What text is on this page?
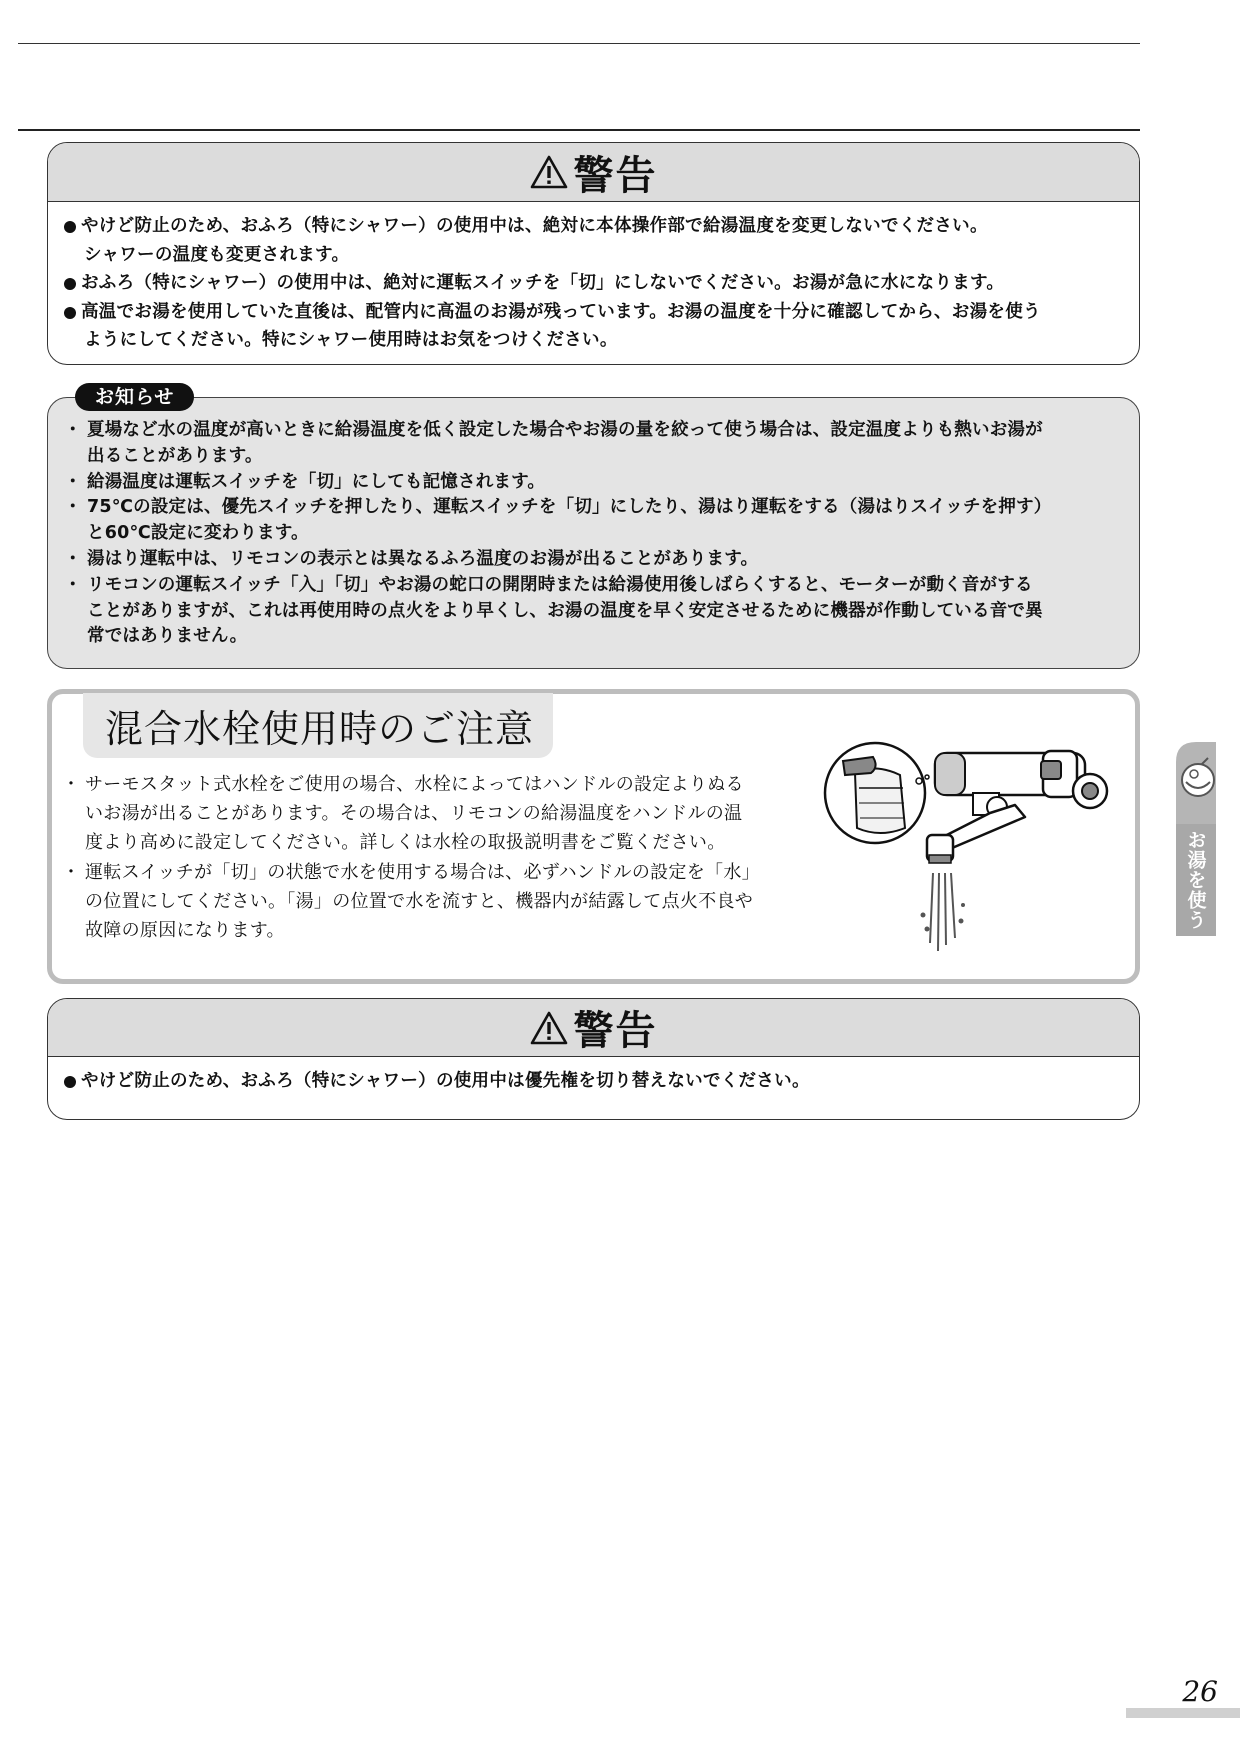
警告
やけど防止のため、おふろ（特にシャワー）の使用中は、絶対に本体操作部で給湯温度を変更しないでください。
シャワーの温度も変更されます。
おふろ（特にシャワー）の使用中は、絶対に運転スイッチを「切」にしないでください。お湯が急に水になります。
高温でお湯を使用していた直後は、配管内に高温のお湯が残っています。お湯の温度を十分に確認してから、お湯を使う
ようにしてください。特にシャワー使用時はお気をつけください。
お知らせ
・ 夏場など水の温度が高いときに給湯温度を低く設定した場合やお湯の量を絞って使う場合は、設定温度よりも熱いお湯が
出ることがあります。
・ 給湯温度は運転スイッチを「切」にしても記憶されます。
・ 75℃の設定は、優先スイッチを押したり、運転スイッチを「切」にしたり、湯はり運転をする（湯はりスイッチを押す）
と60℃設定に変わります。
・ 湯はり運転中は、リモコンの表示とは異なるふろ温度のお湯が出ることがあります。
・ リモコンの運転スイッチ「入」「切」やお湯の蛇口の開閉時または給湯使用後しばらくすると、モーターが動く音がする
ことがありますが、これは再使用時の点火をより早くし、お湯の温度を早く安定させるために機器が作動している音で異
常ではありません。
混合水栓使用時のご注意
・ サーモスタット式水栓をご使用の場合、水栓によってはハンドルの設定よりぬる
いお湯が出ることがあります。その場合は、リモコンの給湯温度をハンドルの温
度より高めに設定してください。詳しくは水栓の取扱説明書をご覧ください。
・ 運転スイッチが「切」の状態で水を使用する場合は、必ずハンドルの設定を「水」
の位置にしてください。「湯」の位置で水を流すと、機器内が結露して点火不良や
故障の原因になります。
警告
やけど防止のため、おふろ（特にシャワー）の使用中は優先権を切り替えないでください。
お湯を使う
26
